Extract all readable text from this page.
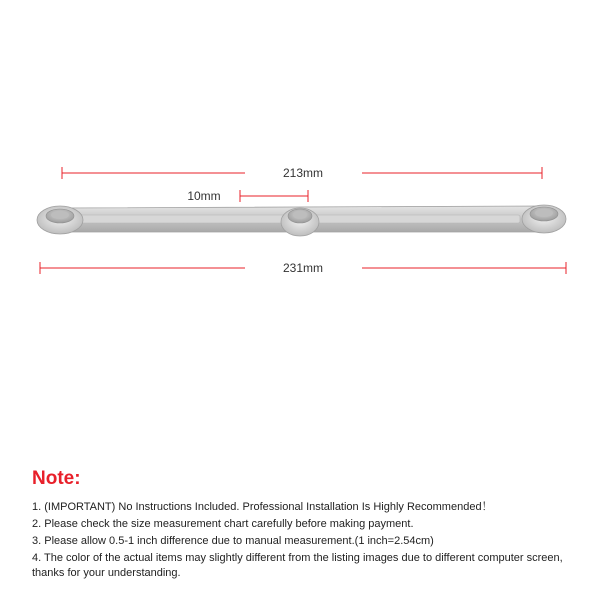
213mm
10mm
231mm
Note:
1. (IMPORTANT) No Instructions Included. Professional Installation Is Highly Recommended！
2. Please check the size measurement chart carefully before making payment.
3. Please allow 0.5-1 inch difference due to manual measurement.(1 inch=2.54cm)
4. The color of the actual items may slightly different from the listing images due to different computer screen, thanks for your understanding.
